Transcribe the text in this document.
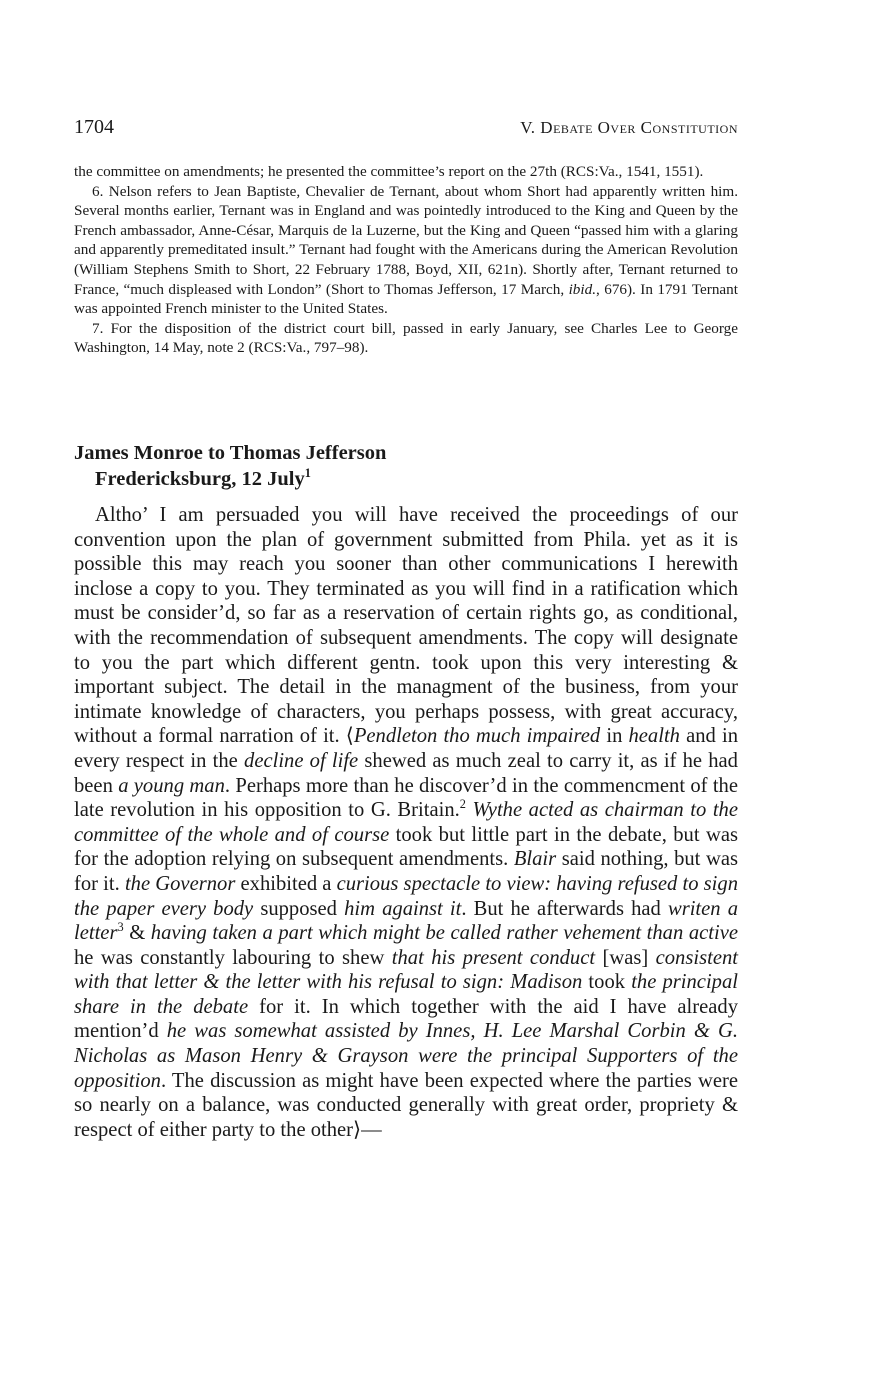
1704	V. Debate Over Constitution

the committee on amendments; he presented the committee’s report on the 27th (RCS:Va., 1541, 1551).

6. Nelson refers to Jean Baptiste, Chevalier de Ternant, about whom Short had apparently written him. Several months earlier, Ternant was in England and was pointedly introduced to the King and Queen by the French ambassador, Anne-César, Marquis de la Luzerne, but the King and Queen “passed him with a glaring and apparently premeditated insult.” Ternant had fought with the Americans during the American Revolution (William Stephens Smith to Short, 22 February 1788, Boyd, XII, 621n). Shortly after, Ternant returned to France, “much displeased with London” (Short to Thomas Jefferson, 17 March, ibid., 676). In 1791 Ternant was appointed French minister to the United States.

7. For the disposition of the district court bill, passed in early January, see Charles Lee to George Washington, 14 May, note 2 (RCS:Va., 797–98).

James Monroe to Thomas Jefferson
Fredericksburg, 12 July$^1$

Altho’ I am persuaded you will have received the proceedings of our convention upon the plan of government submitted from Phila. yet as it is possible this may reach you sooner than other communications I herewith inclose a copy to you. They terminated as you will find in a ratification which must be consider’d, so far as a reservation of certain rights go, as conditional, with the recommendation of subsequent amendments. The copy will designate to you the part which different gentn. took upon this very interesting & important subject. The detail in the managment of the business, from your intimate knowledge of characters, you perhaps possess, with great accuracy, without a formal narration of it. ⟨Pendleton tho much impaired in health and in every respect in the decline of life shewed as much zeal to carry it, as if he had been a young man. Perhaps more than he discover’d in the commencment of the late revolution in his opposition to G. Britain.$^2$ Wythe acted as chairman to the committee of the whole and of course took but little part in the debate, but was for the adoption relying on subsequent amendments. Blair said nothing, but was for it. the Governor exhibited a curious spectacle to view: having refused to sign the paper every body supposed him against it. But he afterwards had writen a letter$^3$ & having taken a part which might be called rather vehement than active he was constantly labouring to shew that his present conduct [was] consistent with that letter & the letter with his refusal to sign: Madison took the principal share in the debate for it. In which together with the aid I have already mention’d he was somewhat assisted by Innes, H. Lee Marshal Corbin & G. Nicholas as Mason Henry & Grayson were the principal Supporters of the opposition. The discussion as might have been expected where the parties were so nearly on a balance, was conducted generally with great order, propriety & respect of either party to the other⟩—
